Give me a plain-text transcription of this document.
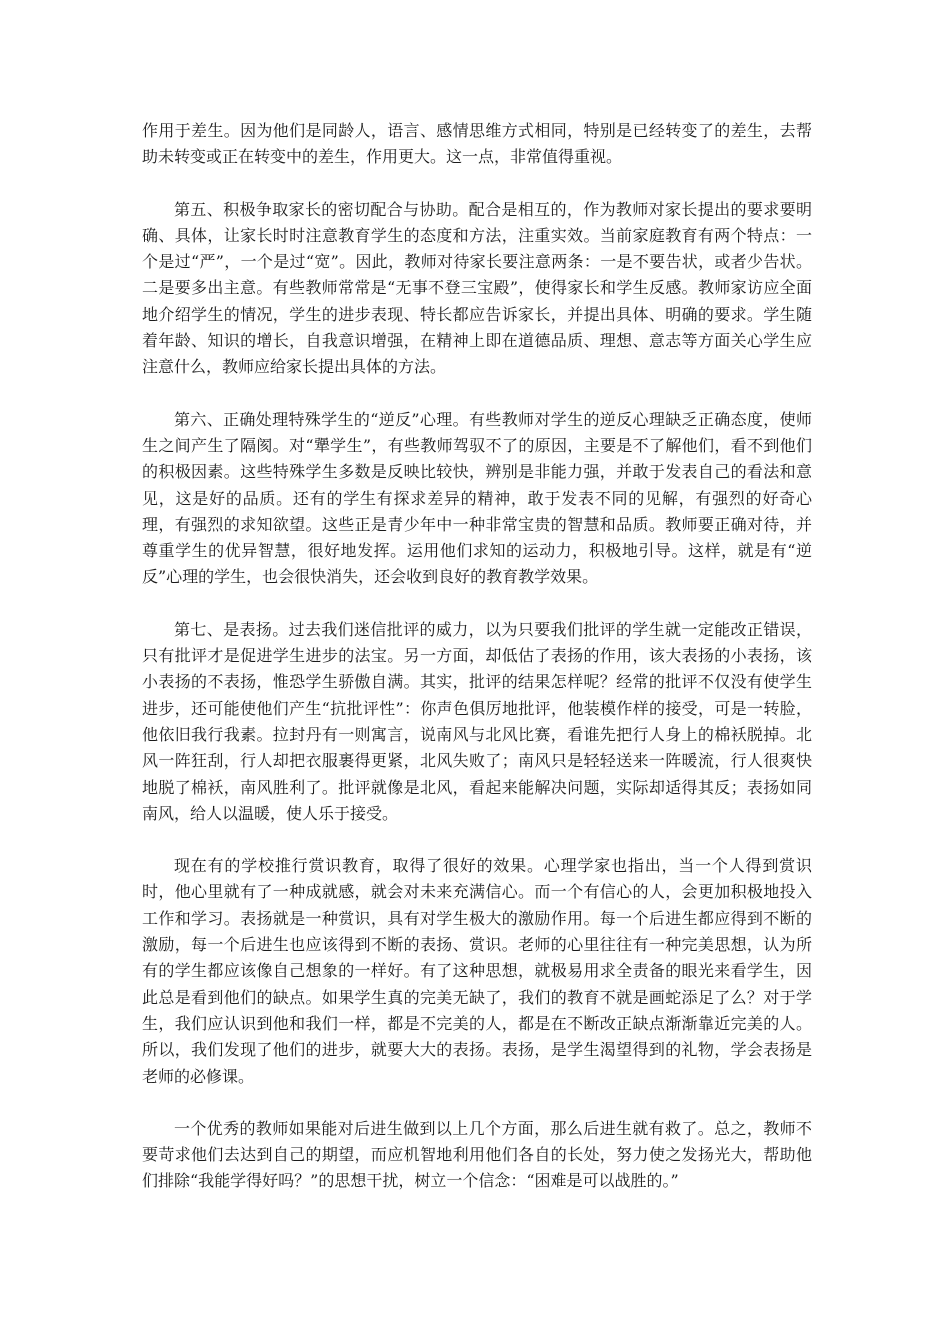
作用于差生。因为他们是同龄人，语言、感情思维方式相同，特别是已经转变了的差生，去帮助未转变或正在转变中的差生，作用更大。这一点，非常值得重视。

第五、积极争取家长的密切配合与协助。配合是相互的，作为教师对家长提出的要求要明确、具体，让家长时时注意教育学生的态度和方法，注重实效。当前家庭教育有两个特点：一个是过“严”，一个是过“宽”。因此，教师对待家长要注意两条：一是不要告状，或者少告状。二是要多出主意。有些教师常常是“无事不登三宝殿”，使得家长和学生反感。教师家访应全面地介绍学生的情况，学生的进步表现、特长都应告诉家长，并提出具体、明确的要求。学生随着年龄、知识的增长，自我意识增强，在精神上即在道德品质、理想、意志等方面关心学生应注意什么，教师应给家长提出具体的方法。

第六、正确处理特殊学生的“逆反”心理。有些教师对学生的逆反心理缺乏正确态度，使师生之间产生了隔阂。对“犟学生”，有些教师驾驭不了的原因，主要是不了解他们，看不到他们的积极因素。这些特殊学生多数是反映比较快，辨别是非能力强，并敢于发表自己的看法和意见，这是好的品质。还有的学生有探求差异的精神，敢于发表不同的见解，有强烈的好奇心理，有强烈的求知欲望。这些正是青少年中一种非常宝贵的智慧和品质。教师要正确对待，并尊重学生的优异智慧，很好地发挥。运用他们求知的运动力，积极地引导。这样，就是有“逆反”心理的学生，也会很快消失，还会收到良好的教育教学效果。

第七、是表扬。过去我们迷信批评的威力，以为只要我们批评的学生就一定能改正错误，只有批评才是促进学生进步的法宝。另一方面，却低估了表扬的作用，该大表扬的小表扬，该小表扬的不表扬，惟恐学生骄傲自满。其实，批评的结果怎样呢？经常的批评不仅没有使学生进步，还可能使他们产生“抗批评性”：你声色俱厉地批评，他装模作样的接受，可是一转脸，他依旧我行我素。拉封丹有一则寓言，说南风与北风比赛，看谁先把行人身上的棉袄脱掉。北风一阵狂刮，行人却把衣服裹得更紧，北风失败了；南风只是轻轻送来一阵暖流，行人很爽快地脱了棉袄，南风胜利了。批评就像是北风，看起来能解决问题，实际却适得其反；表扬如同南风，给人以温暖，使人乐于接受。

现在有的学校推行赏识教育，取得了很好的效果。心理学家也指出，当一个人得到赏识时，他心里就有了一种成就感，就会对未来充满信心。而一个有信心的人，会更加积极地投入工作和学习。表扬就是一种赏识，具有对学生极大的激励作用。每一个后进生都应得到不断的激励，每一个后进生也应该得到不断的表扬、赏识。老师的心里往往有一种完美思想，认为所有的学生都应该像自己想象的一样好。有了这种思想，就极易用求全责备的眼光来看学生，因此总是看到他们的缺点。如果学生真的完美无缺了，我们的教育不就是画蛇添足了么？对于学生，我们应认识到他和我们一样，都是不完美的人，都是在不断改正缺点渐渐靠近完美的人。所以，我们发现了他们的进步，就要大大的表扬。表扬，是学生渴望得到的礼物，学会表扬是老师的必修课。

一个优秀的教师如果能对后进生做到以上几个方面，那么后进生就有救了。总之，教师不要苛求他们去达到自己的期望，而应机智地利用他们各自的长处，努力使之发扬光大，帮助他们排除“我能学得好吗？”的思想干扰，树立一个信念：“困难是可以战胜的。”
